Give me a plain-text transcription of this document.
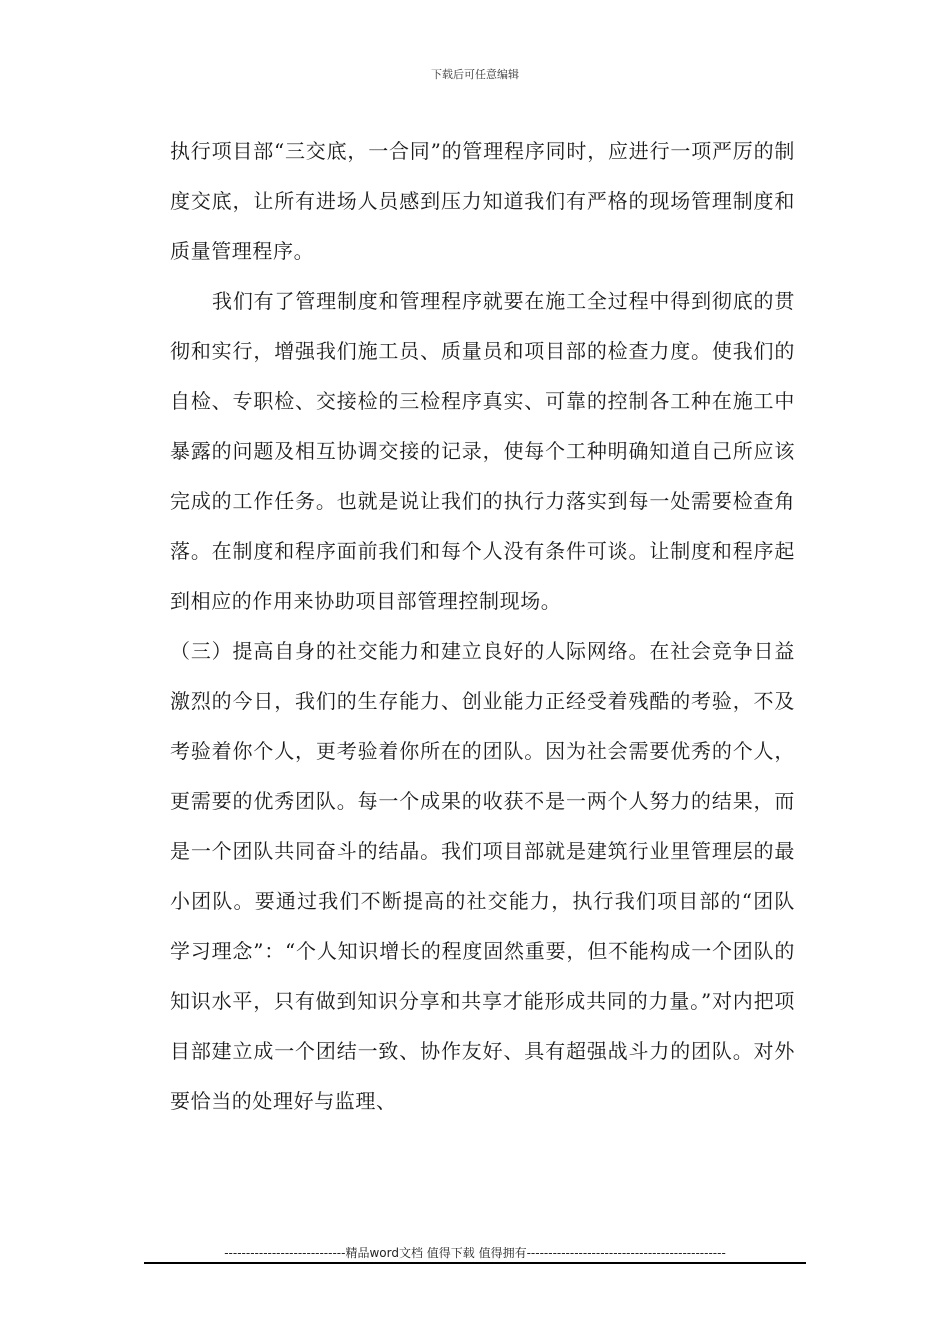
下载后可任意编辑

执行项目部“三交底，一合同”的管理程序同时，应进行一项严厉的制度交底，让所有进场人员感到压力知道我们有严格的现场管理制度和质量管理程序。

我们有了管理制度和管理程序就要在施工全过程中得到彻底的贯彻和实行，增强我们施工员、质量员和项目部的检查力度。使我们的自检、专职检、交接检的三检程序真实、可靠的控制各工种在施工中暴露的问题及相互协调交接的记录，使每个工种明确知道自己所应该完成的工作任务。也就是说让我们的执行力落实到每一处需要检查角落。在制度和程序面前我们和每个人没有条件可谈。让制度和程序起到相应的作用来协助项目部管理控制现场。

（三）提高自身的社交能力和建立良好的人际网络。在社会竞争日益激烈的今日，我们的生存能力、创业能力正经受着残酷的考验，不及考验着你个人，更考验着你所在的团队。因为社会需要优秀的个人，更需要的优秀团队。每一个成果的收获不是一两个人努力的结果，而是一个团队共同奋斗的结晶。我们项目部就是建筑行业里管理层的最小团队。要通过我们不断提高的社交能力，执行我们项目部的“团队学习理念”：“个人知识增长的程度固然重要，但不能构成一个团队的知识水平，只有做到知识分享和共享才能形成共同的力量。”对内把项目部建立成一个团结一致、协作友好、具有超强战斗力的团队。对外要恰当的处理好与监理、

----------------------------精品word文档 值得下载 值得拥有----------------------------------------------
